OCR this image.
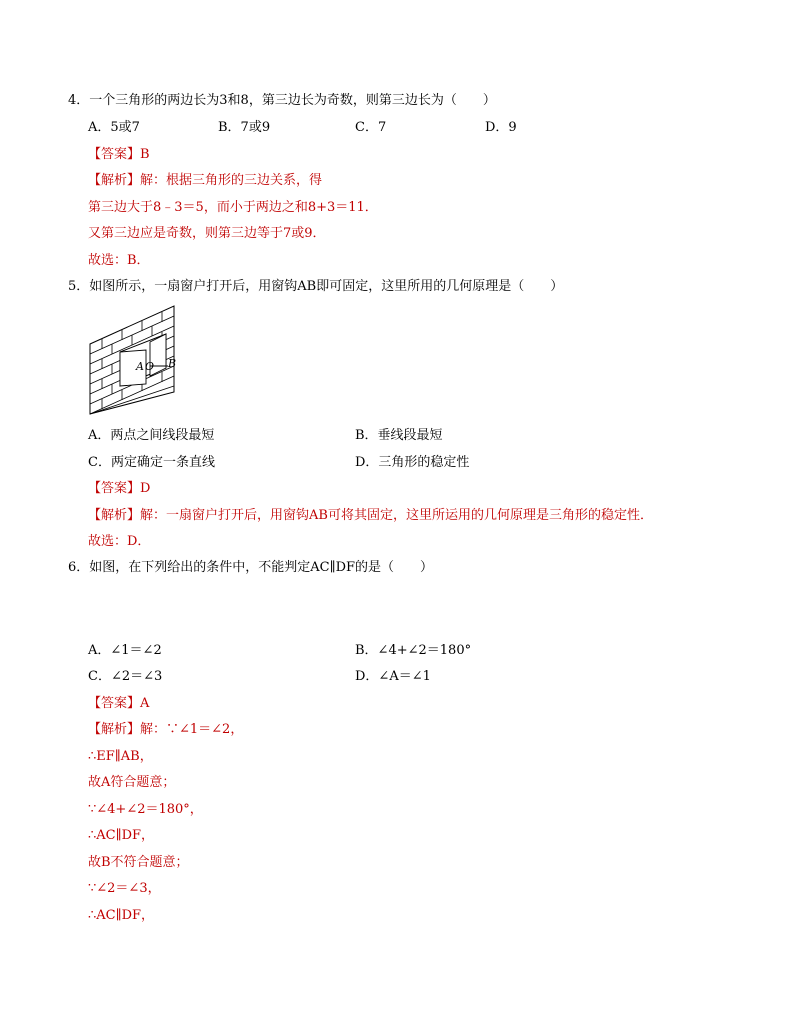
4．一个三角形的两边长为3和8，第三边长为奇数，则第三边长为（　　）
A．5或7	B．7或9	C．7	D．9
【答案】B
【解析】解：根据三角形的三边关系，得
第三边大于8﹣3＝5，而小于两边之和8+3＝11．
又第三边应是奇数，则第三边等于7或9．
故选：B．
5．如图所示，一扇窗户打开后，用窗钩AB即可固定，这里所用的几何原理是（　　）
A O B
A．两点之间线段最短	B．垂线段最短
C．两定确定一条直线	D．三角形的稳定性
【答案】D
【解析】解：一扇窗户打开后，用窗钩AB可将其固定，这里所运用的几何原理是三角形的稳定性．
故选：D．
6．如图，在下列给出的条件中，不能判定AC∥DF的是（　　）
A．∠1＝∠2	B．∠4+∠2＝180°
C．∠2＝∠3	D．∠A＝∠1
【答案】A
【解析】解：∵∠1＝∠2，
∴EF∥AB，
故A符合题意；
∵∠4+∠2＝180°，
∴AC∥DF，
故B不符合题意；
∵∠2＝∠3，
∴AC∥DF，
